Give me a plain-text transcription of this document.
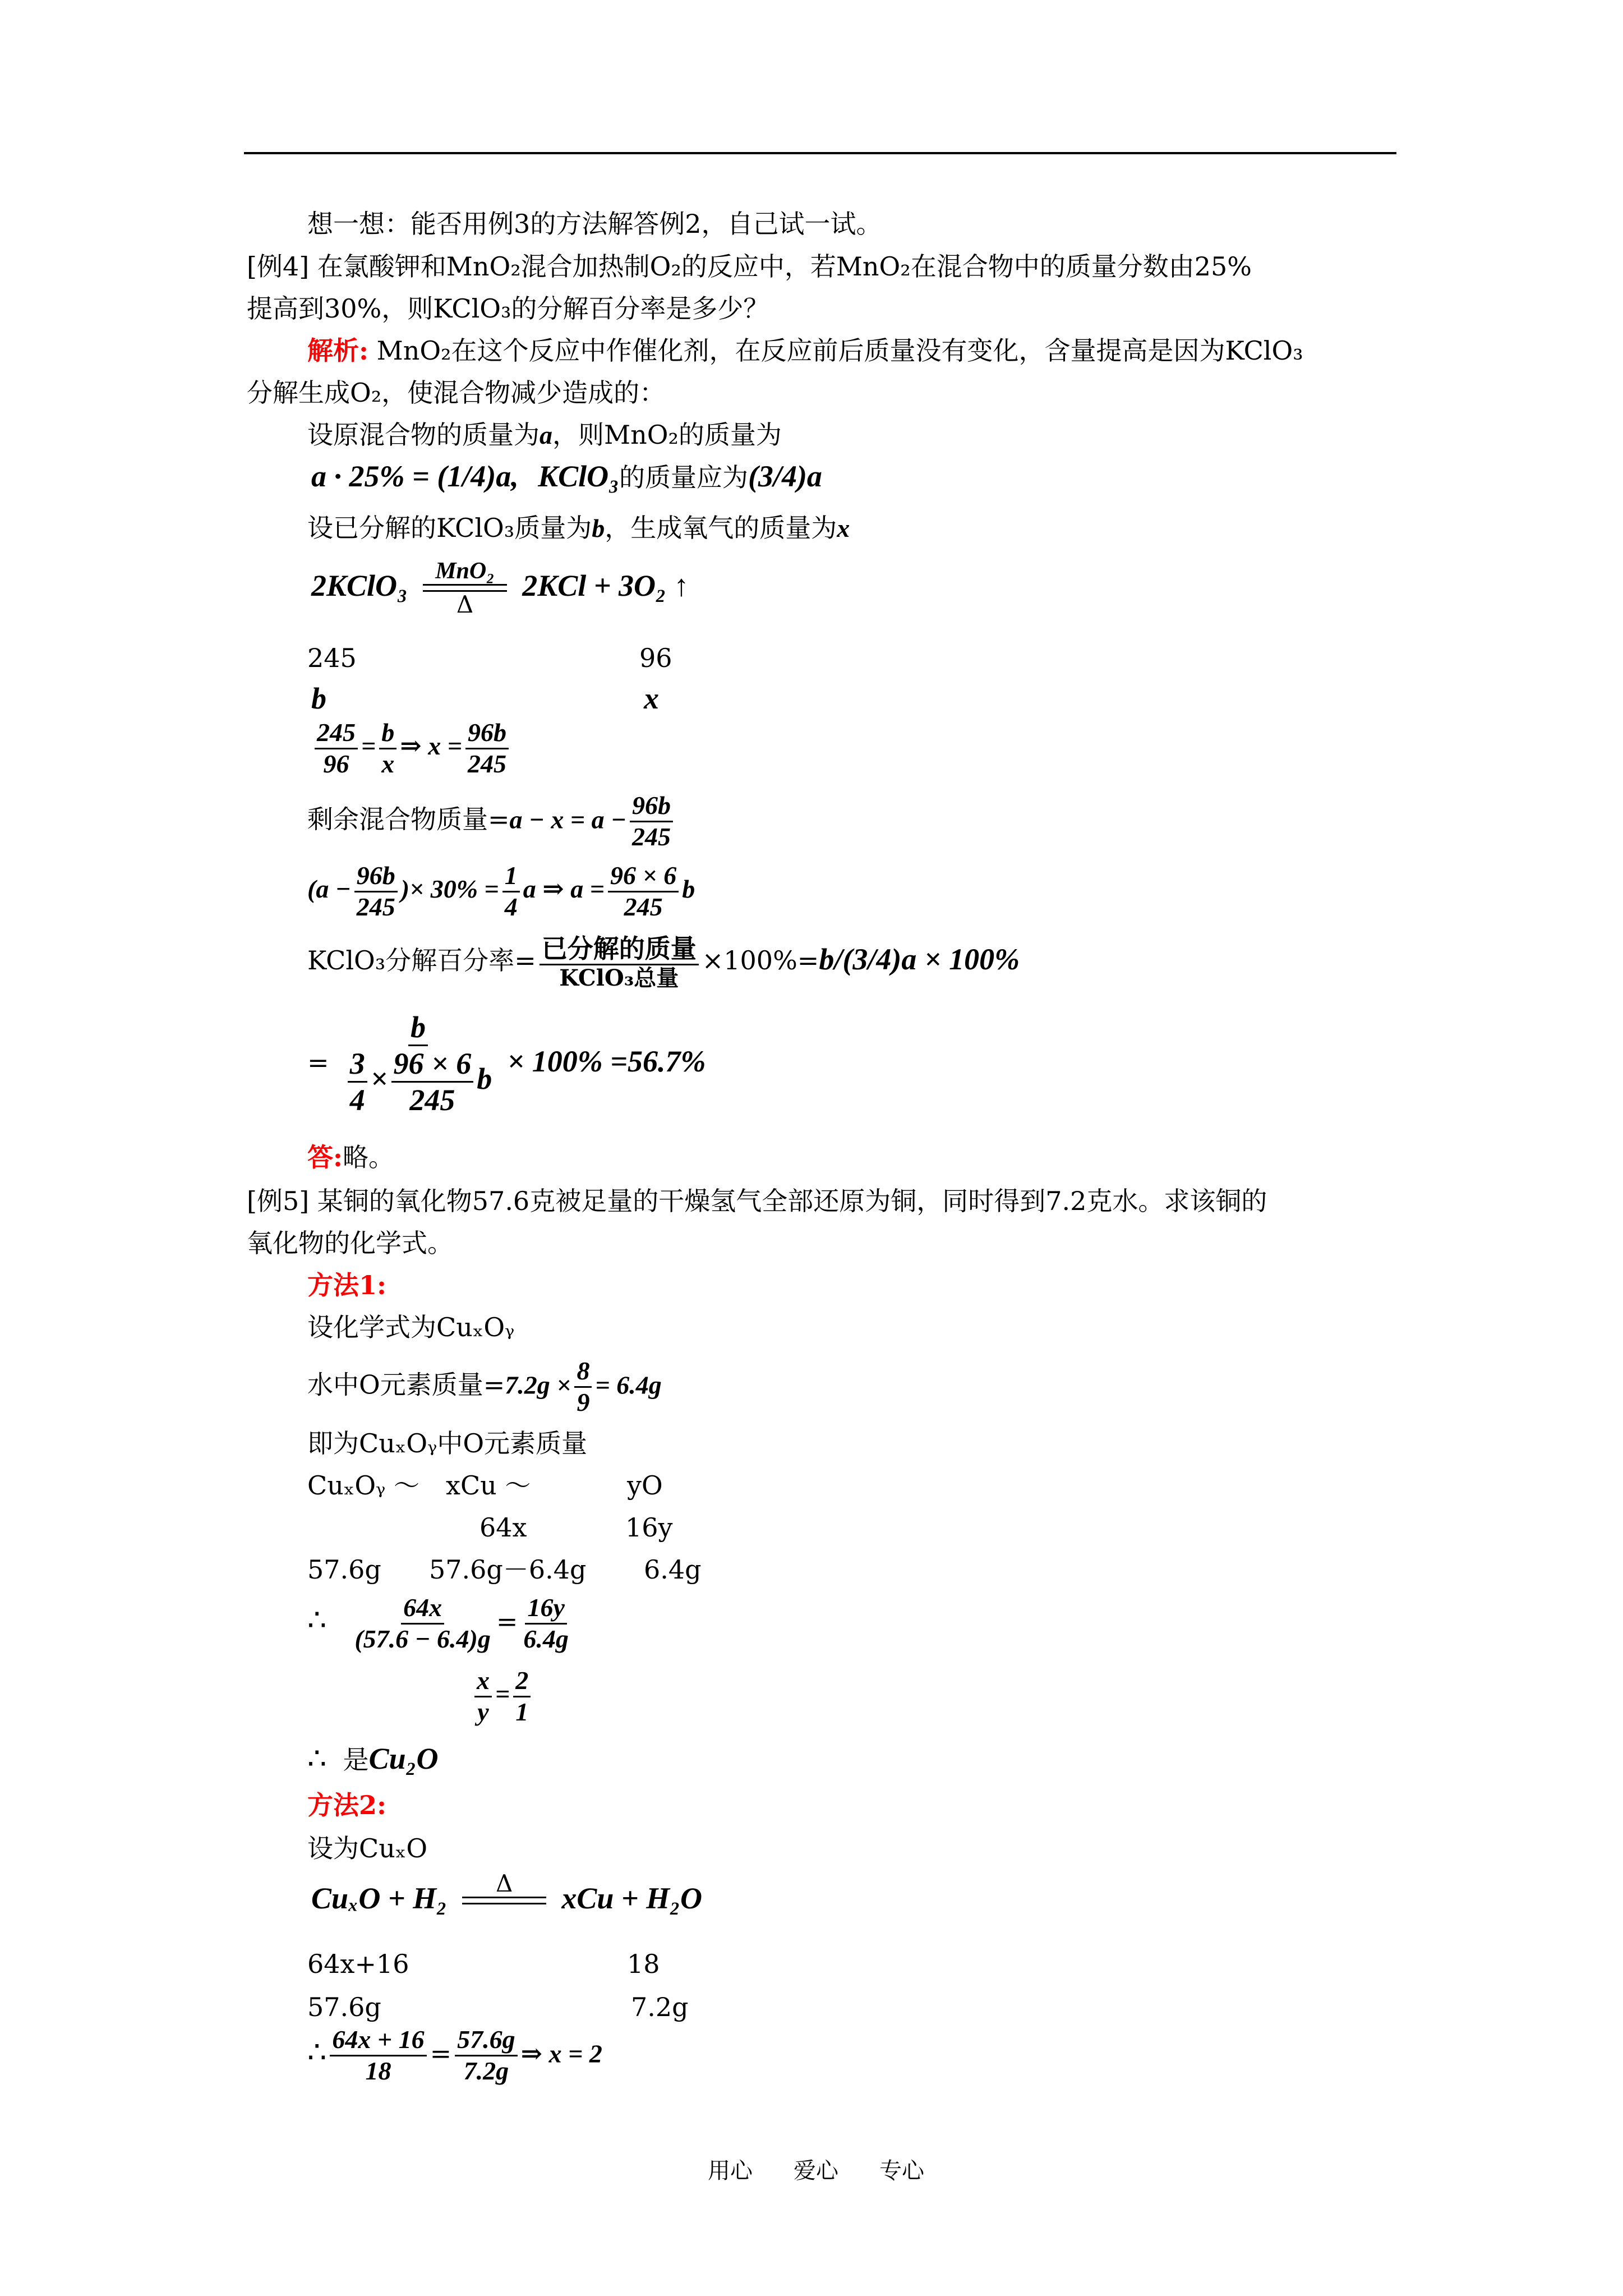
想一想：能否用例3的方法解答例2，自己试一试。
[例4] 在氯酸钾和MnO₂混合加热制O₂的反应中，若MnO₂在混合物中的质量分数由25%
提高到30%，则KClO₃的分解百分率是多少？
解析: MnO₂在这个反应中作催化剂，在反应前后质量没有变化，含量提高是因为KClO₃
分解生成O₂，使混合物减少造成的：
设原混合物的质量为a，则MnO₂的质量为
a · 25% = (1/4)a, KClO₃的质量应为(3/4)a
设已分解的KClO₃质量为b，生成氧气的质量为x
2KClO₃ MnO₂
Δ
2KCl + 3O₂ ↑
245	96
b	x
$\frac{245}{96} = \frac{b}{x}$ ⇒ $x = \frac{96b}{245}$
剩余混合物质量$=a - x = a - \frac{96b}{245}$
($a - \frac{96b}{245}$ )× $30\% = \frac{1}{4}$ a ⇒ $a = \frac{96 \times 6}{245}$ b
KClO₃分解百分率= $\frac{\text{已分解的质量}}{\text{KClO₃总量}} \times 100\%=b/(3/4)a \times 100\%$
= $\frac{b}{\frac{3}{4} \times \frac{96 \times 6}{245} b} \times 100\% =56.7\%$
答:略。
[例5] 某铜的氧化物57.6克被足量的干燥氢气全部还原为铜，同时得到7.2克水。求该铜的
氧化物的化学式。
方法1:
设化学式为CuₓOᵧ
水中O元素质量$=7.2g \times \frac{8}{9} = 6.4g$
即为CuₓOᵧ中O元素质量
CuₓOᵧ ～ xCu ～	yO
64x	16y
57.6g 57.6g－6.4g 6.4g
∴ $\frac{64x}{(57.6 - 6.4)g} = \frac{16y}{6.4g}$
$\frac{x}{y} = \frac{2}{1}$
∴ 是Cu₂O
方法2:
设为CuₓO
CuₓO + H₂ Δ
xCu + H₂O
64x+16	18
57.6g	7.2g
∴ $\frac{64x + 16}{18} = \frac{57.6g}{7.2g}$ ⇒ x = 2
用心 爱心 专心
